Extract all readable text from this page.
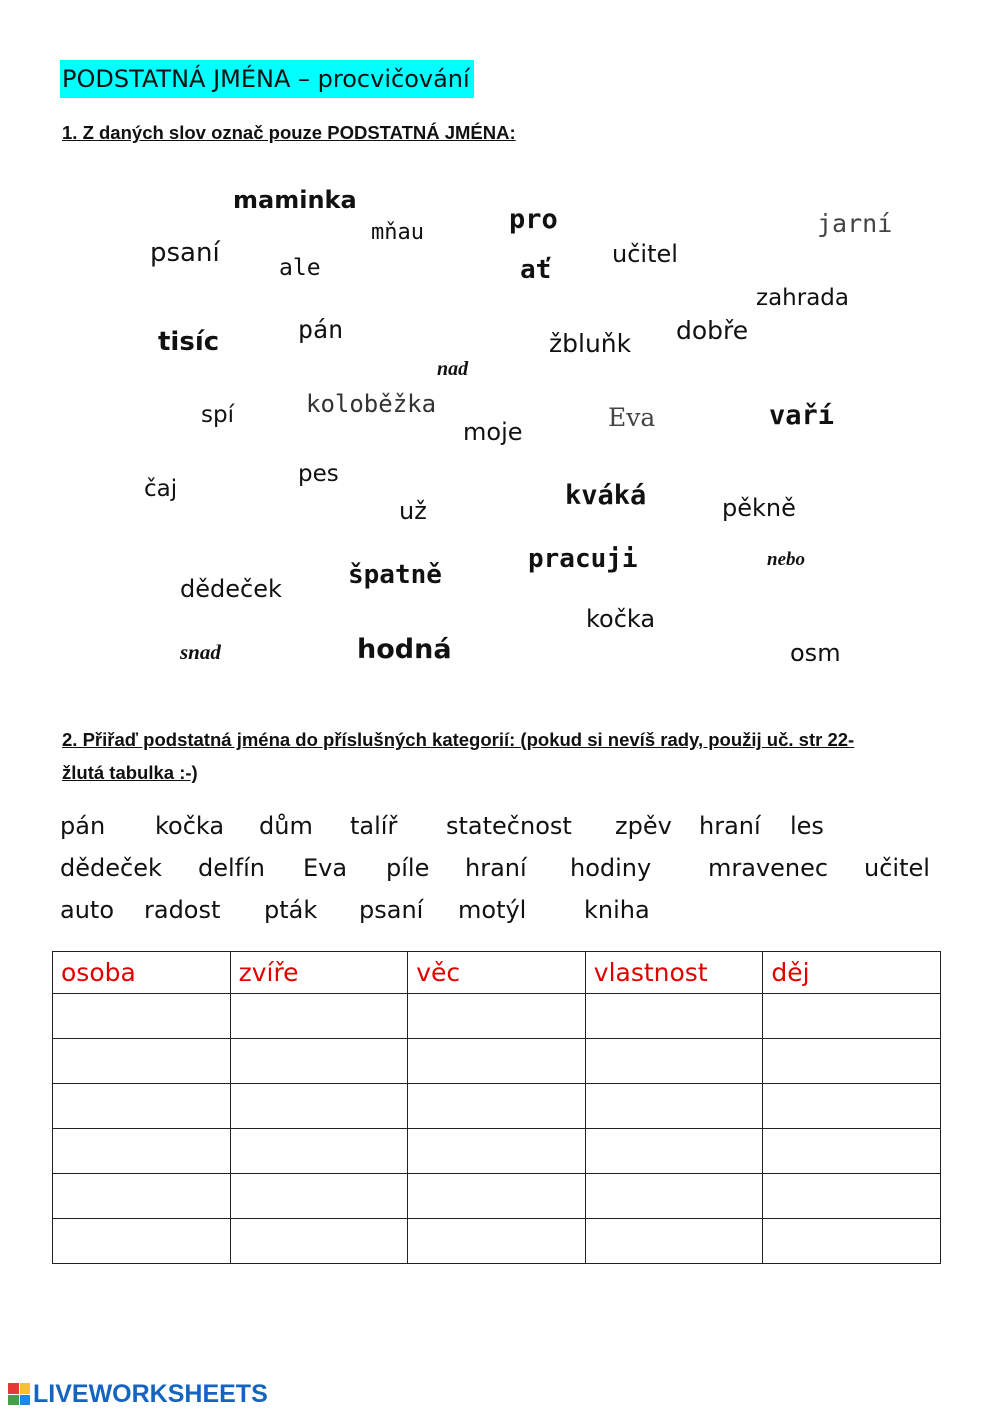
PODSTATNÁ JMÉNA – procvičování
1. Z daných slov označ pouze PODSTATNÁ JMÉNA:
maminka
mňau	pro	jarní
psaní	ale	ať
učitel
zahrada
tisíc	pán	žbluňk dobře
nad
spí	koloběžka	Eva	vaří
moje
čaj
pes
kváká	pěkně
už
pracuji	nebo
špatně
dědeček
kočka
snad	hodná	osm
2. Přiřaď podstatná jména do příslušných kategorií: (pokud si nevíš rady, použij uč. str 22-
žlutá tabulka :-)
pán kočka dům talíř statečnost zpěv hraní les
dědeček delfín Eva píle hraní hodiny mravenec učitel
auto radost pták psaní motýl kniha
osoba	zvíře	věc	vlastnost	děj

LIVEWORKSHEETS
